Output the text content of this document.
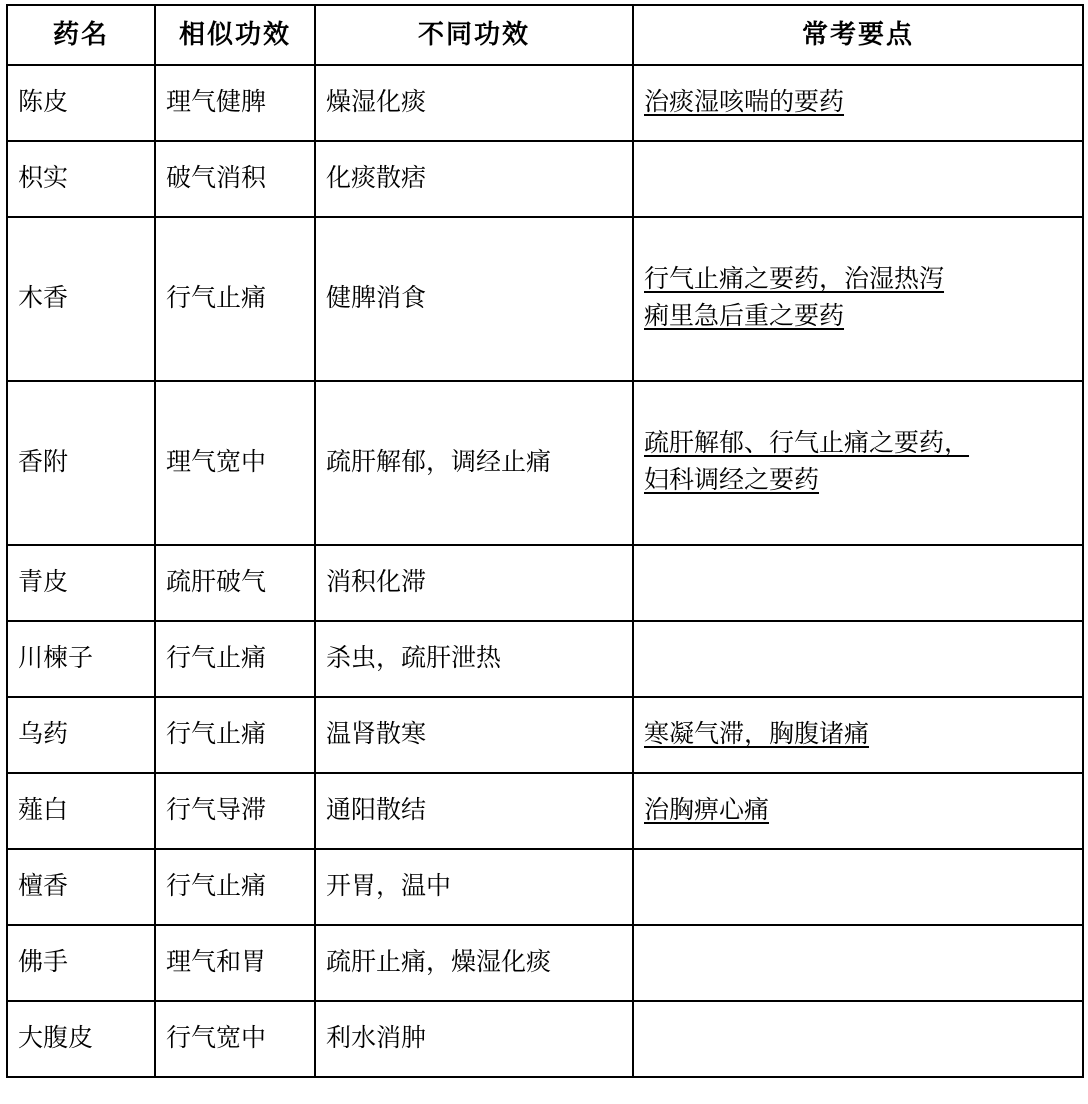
药名	相似功效	不同功效	常考要点
陈皮	理气健脾	燥湿化痰	治痰湿咳喘的要药

枳实	破气消积	化痰散痞	
木香	行气止痛	健脾消食	行气止痛之要药，治湿热泻
痢里急后重之要药

香附	理气宽中	疏肝解郁，调经止痛	疏肝解郁、行气止痛之要药，
妇科调经之要药

青皮	疏肝破气	消积化滞	
川楝子	行气止痛	杀虫，疏肝泄热	
乌药	行气止痛	温肾散寒	寒凝气滞，胸腹诸痛

薤白	行气导滞	通阳散结	治胸痹心痛

檀香	行气止痛	开胃，温中	
佛手	理气和胃	疏肝止痛，燥湿化痰	
大腹皮	行气宽中	利水消肿	
